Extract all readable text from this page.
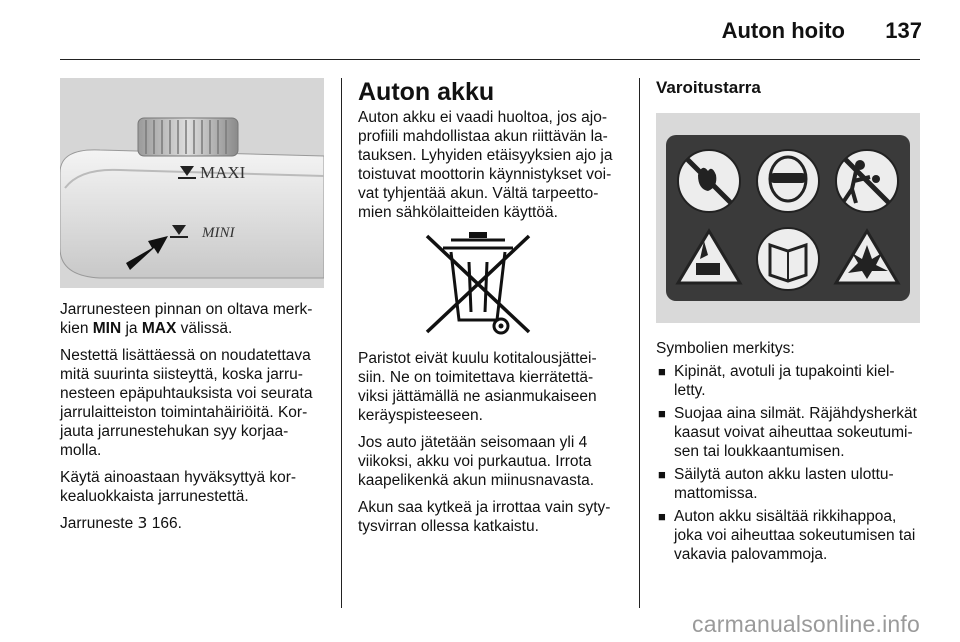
Auton hoito 137
MAXI
MINI

Jarrunesteen pinnan on oltava merk-kien MIN ja MAX välissä.

Nestettä lisättäessä on noudatettava mitä suurinta siisteyttä, koska jarru-nesteen epäpuhtauksista voi seurata jarrulaitteiston toimintahäiriöitä. Kor-jauta jarrunestehukan syy korjaa-molla.

Käytä ainoastaan hyväksyttyä kor-kealuokkaista jarrunestettä.

Jarruneste 3 166.

Auton akku

Auton akku ei vaadi huoltoa, jos ajo-profiili mahdollistaa akun riittävän la-tauksen. Lyhyiden etäisyyksien ajo ja toistuvat moottorin käynnistykset voi-vat tyhjentää akun. Vältä tarpeetto-mien sähkölaitteiden käyttöä.

Paristot eivät kuulu kotitalousjättei-siin. Ne on toimitettava kierrätettä-viksi jättämällä ne asianmukaiseen keräyspisteeseen.

Jos auto jätetään seisomaan yli 4 viikoksi, akku voi purkautua. Irrota kaapelikenkä akun miinusnavasta.

Akun saa kytkeä ja irrottaa vain syty-tysvirran ollessa katkaistu.

Varoitustarra

Symbolien merkitys:

■ Kipinät, avotuli ja tupakointi kiel-letty.
■ Suojaa aina silmät. Räjähdysherkät kaasut voivat aiheuttaa sokeutumi-sen tai loukkaantumisen.
■ Säilytä auton akku lasten ulottu-mattomissa.
■ Auton akku sisältää rikkihappoa, joka voi aiheuttaa sokeutumisen tai vakavia palovammoja.
carmanualsonline.info
